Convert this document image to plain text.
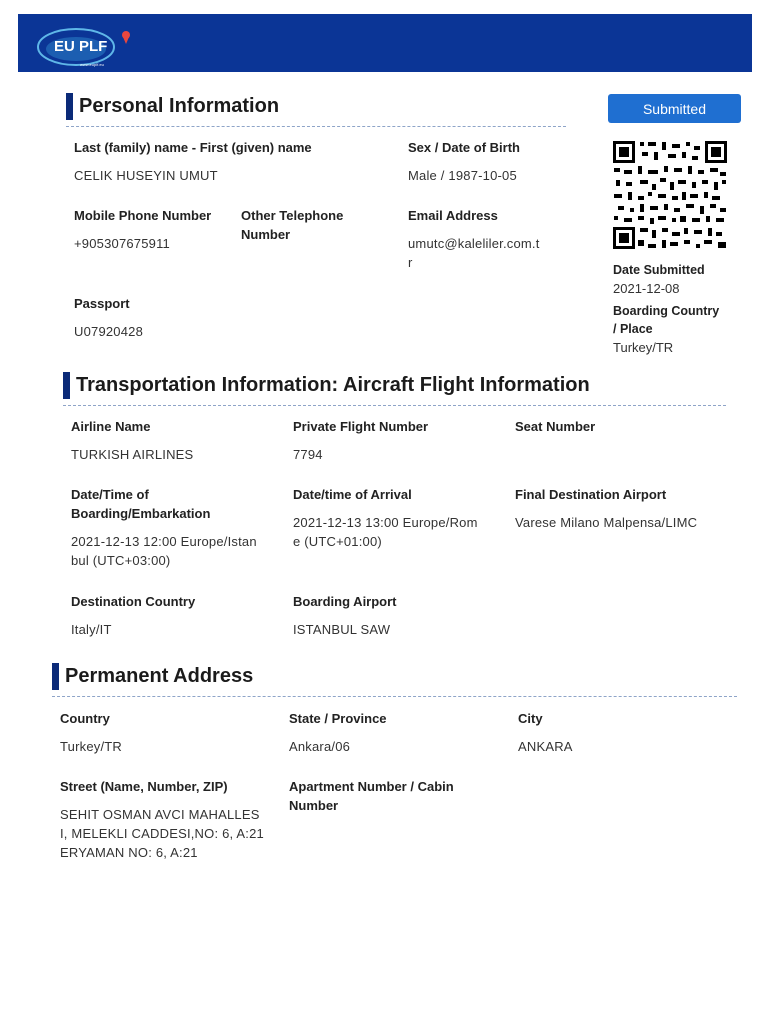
EU PLF
www.euplf.eu
Personal Information
Last (family) name - First (given) name
CELIK HUSEYIN UMUT
Sex / Date of Birth
Male / 1987-10-05
Mobile Phone Number
+905307675911
Other Telephone
Number
Email Address
umutc@kaleliler.com.t
r
Passport
U07920428
Submitted
Date Submitted
2021-12-08
Boarding Country
/ Place
Turkey/TR
Transportation Information: Aircraft Flight Information
Airline Name
TURKISH AIRLINES
Private Flight Number
7794
Seat Number
Date/Time of
Boarding/Embarkation
2021-12-13 12:00 Europe/Istan
bul (UTC+03:00)
Date/time of Arrival
2021-12-13 13:00 Europe/Rom
e (UTC+01:00)
Final Destination Airport
Varese Milano Malpensa/LIMC
Destination Country
Italy/IT
Boarding Airport
ISTANBUL SAW
Permanent Address
Country
Turkey/TR
State / Province
Ankara/06
City
ANKARA
Street (Name, Number, ZIP)
SEHIT OSMAN AVCI MAHALLES
I, MELEKLI CADDESI,NO: 6, A:21
ERYAMAN NO: 6, A:21
Apartment Number / Cabin
Number
